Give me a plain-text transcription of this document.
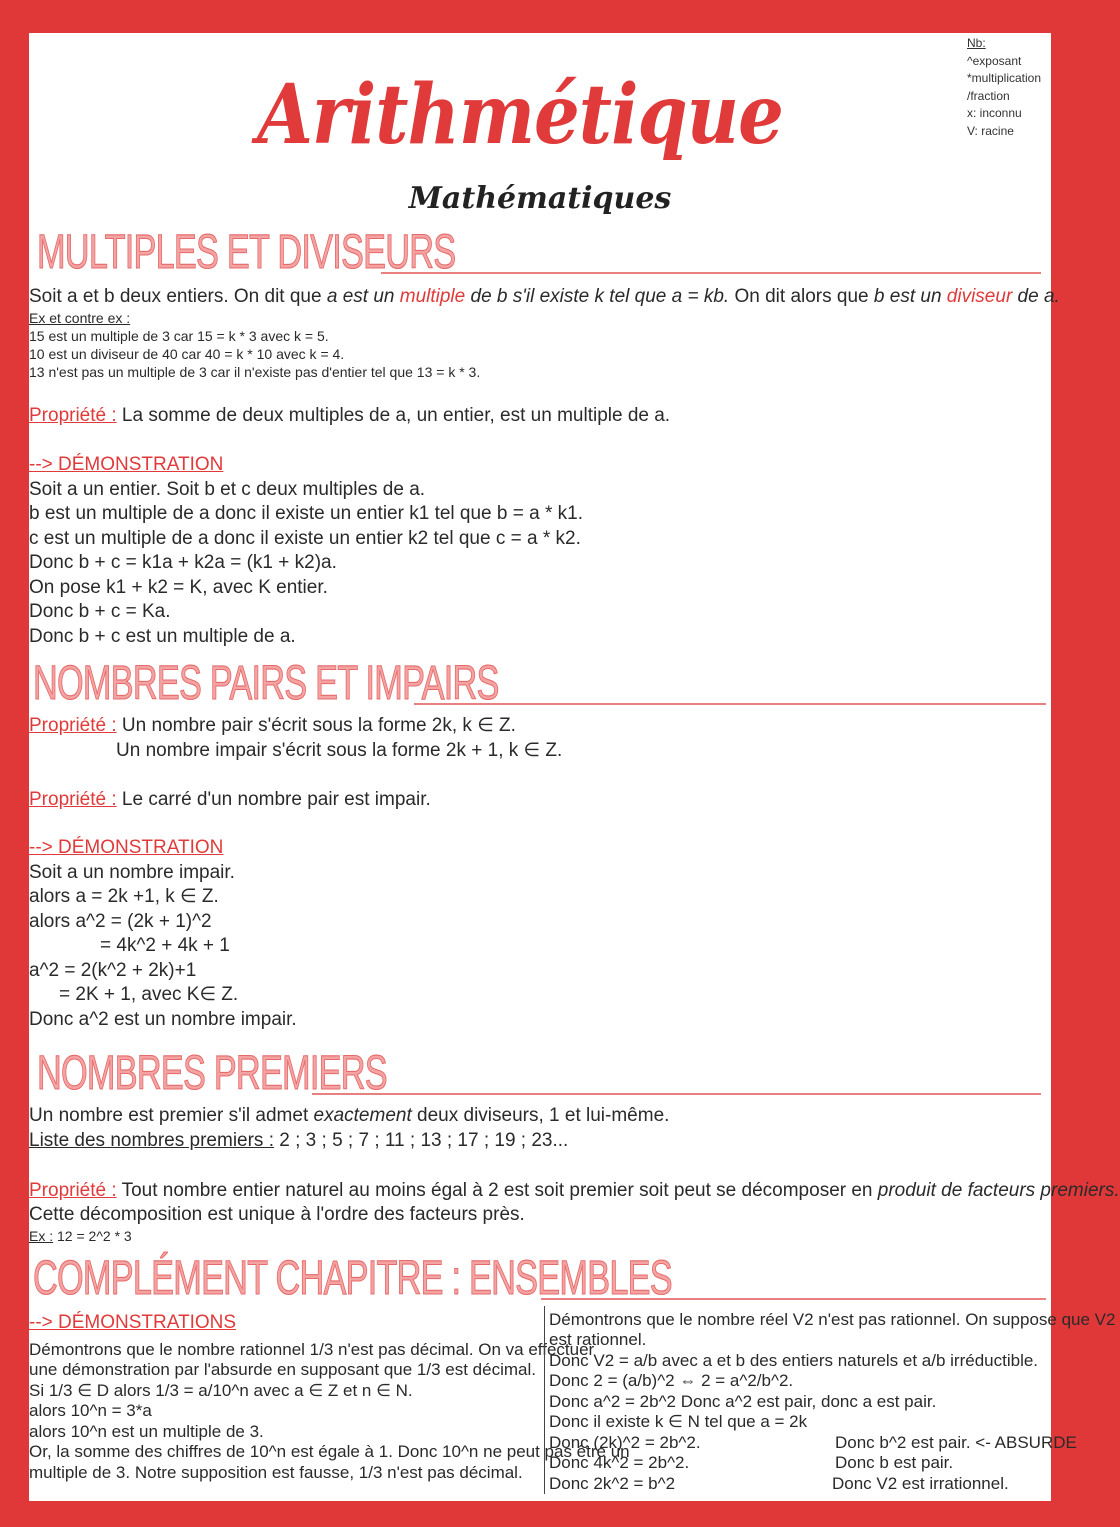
Nb:
^exposant
*multiplication
/fraction
x: inconnu
V: racine
Arithmétique
Mathématiques
MULTIPLES ET DIVISEURS
Soit a et b deux entiers. On dit que a est un multiple de b s'il existe k tel que a = kb. On dit alors que b est un diviseur de a.
Ex et contre ex :
15 est un multiple de 3 car 15 = k * 3 avec k = 5.
10 est un diviseur de 40 car 40 = k * 10 avec k = 4.
13 n'est pas un multiple de 3 car il n'existe pas d'entier tel que 13 = k * 3.
Propriété : La somme de deux multiples de a, un entier, est un multiple de a.
--> DÉMONSTRATION
Soit a un entier. Soit b et c deux multiples de a.
b est un multiple de a donc il existe un entier k1 tel que b = a * k1.
c est un multiple de a donc il existe un entier k2 tel que c = a * k2.
Donc b + c = k1a + k2a = (k1 + k2)a.
On pose k1 + k2 = K, avec K entier.
Donc b + c = Ka.
Donc b + c est un multiple de a.
NOMBRES PAIRS ET IMPAIRS
Propriété : Un nombre pair s'écrit sous la forme 2k, k ∈ Z.
Un nombre impair s'écrit sous la forme 2k + 1, k ∈ Z.
Propriété : Le carré d'un nombre pair est impair.
--> DÉMONSTRATION
Soit a un nombre impair.
alors a = 2k +1, k ∈ Z.
alors a^2 = (2k + 1)^2
= 4k^2 + 4k + 1
a^2 = 2(k^2 + 2k)+1
= 2K + 1, avec K∈ Z.
Donc a^2 est un nombre impair.
NOMBRES PREMIERS
Un nombre est premier s'il admet exactement deux diviseurs, 1 et lui-même.
Liste des nombres premiers : 2 ; 3 ; 5 ; 7 ; 11 ; 13 ; 17 ; 19 ; 23...
Propriété : Tout nombre entier naturel au moins égal à 2 est soit premier soit peut se décomposer en produit de facteurs premiers.
Cette décomposition est unique à l'ordre des facteurs près.
Ex : 12 = 2^2 * 3
COMPLÉMENT CHAPITRE : ENSEMBLES
--> DÉMONSTRATIONS
Démontrons que le nombre rationnel 1/3 n'est pas décimal. On va effectuer
une démonstration par l'absurde en supposant que 1/3 est décimal.
Si 1/3 ∈ D alors 1/3 = a/10^n avec a ∈ Z et n ∈ N.
alors 10^n = 3*a
alors 10^n est un multiple de 3.
Or, la somme des chiffres de 10^n est égale à 1. Donc 10^n ne peut pas être un
multiple de 3. Notre supposition est fausse, 1/3 n'est pas décimal.
Démontrons que le nombre réel V2 n'est pas rationnel. On suppose que V2
est rationnel.
Donc V2 = a/b avec a et b des entiers naturels et a/b irréductible.
Donc 2 = (a/b)^2 ⇔ 2 = a^2/b^2.
Donc a^2 = 2b^2 Donc a^2 est pair, donc a est pair.
Donc il existe k ∈ N tel que a = 2k
Donc (2k)^2 = 2b^2.
Donc 4k^2 = 2b^2.
Donc 2k^2 = b^2
Donc b^2 est pair. <- ABSURDE
Donc b est pair.
Donc V2 est irrationnel.
